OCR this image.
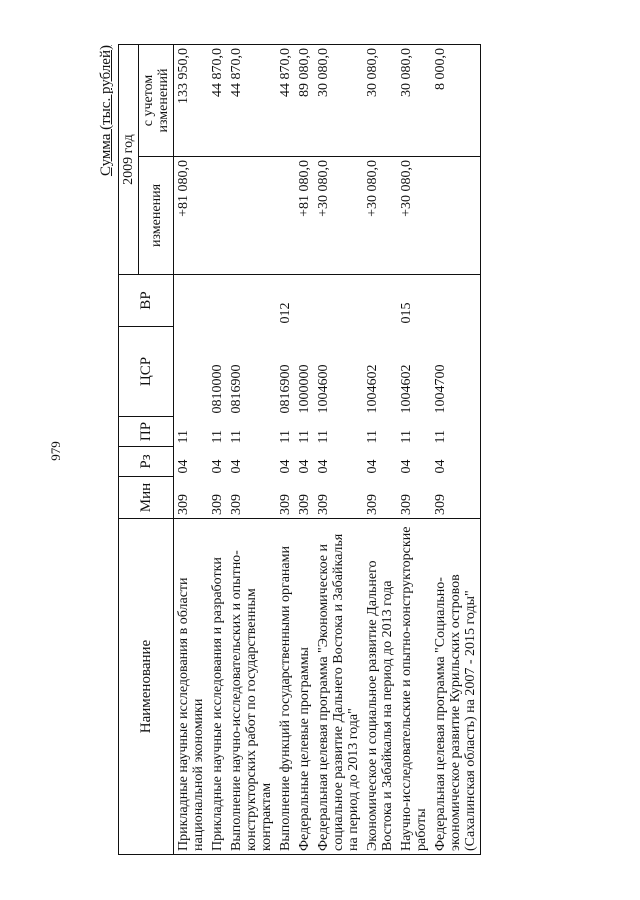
979
Сумма (тыс. рублей)
Наименование	Мин	Рз	ПР	ЦСР	ВР	2009 год	
						изменения	с учетом изменений
Прикладные научные исследования в области национальной экономики	309	04	11			+81 080,0	133 950,0
Прикладные научные исследования и разработки	309	04	11	0810000			44 870,0
Выполнение научно-исследовательских и опытно-конструкторских работ по государственным контрактам	309	04	11	0816900			44 870,0
Выполнение функций государственными органами	309	04	11	0816900	012		44 870,0
Федеральные целевые программы	309	04	11	1000000		+81 080,0	89 080,0
Федеральная целевая программа "Экономическое и социальное развитие Дальнего Востока и Забайкалья на период до 2013 года"	309	04	11	1004600		+30 080,0	30 080,0
Экономическое и социальное развитие Дальнего Востока и Забайкалья на период до 2013 года	309	04	11	1004602		+30 080,0	30 080,0
Научно-исследовательские и опытно-конструкторские работы	309	04	11	1004602	015	+30 080,0	30 080,0
Федеральная целевая программа "Социально-экономическое развитие Курильских островов (Сахалинская область) на 2007 - 2015 годы"	309	04	11	1004700			8 000,0
